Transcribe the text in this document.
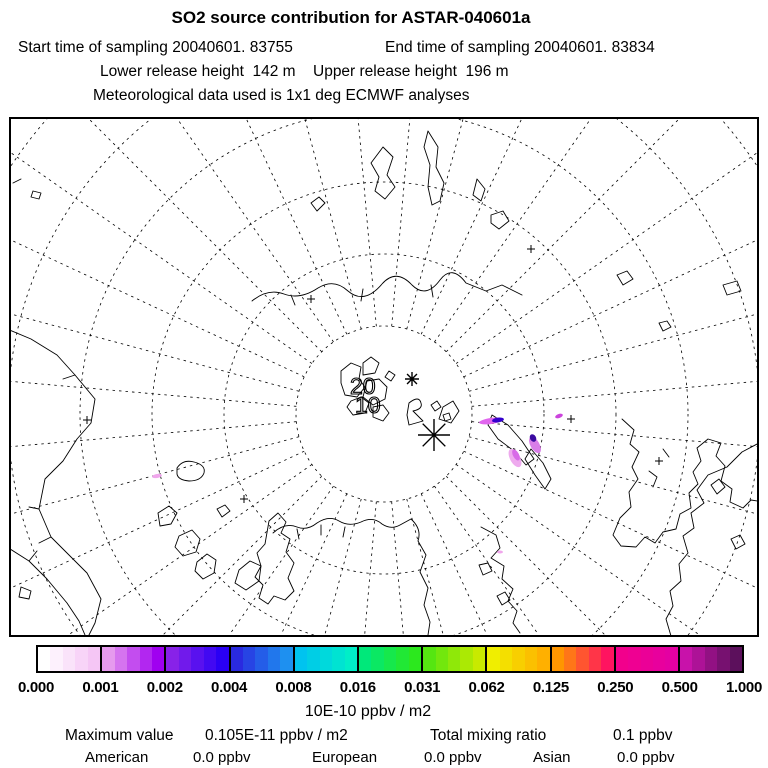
SO2 source contribution for ASTAR-040601a
Start time of sampling 20040601. 83755	End time of sampling 20040601. 83834
Lower release height  142 m Upper release height  196 m
Meteorological data used is 1x1 deg ECMWF analyses
20
10
0.000 0.001 0.002 0.004 0.008 0.016 0.031 0.062 0.125 0.250 0.500 1.000
10E-10 ppbv / m2
Maximum value 0.105E-11 ppbv / m2	Total mixing ratio	0.1 ppbv
American	0.0 ppbv	European	0.0 ppbv	Asian	0.0 ppbv
